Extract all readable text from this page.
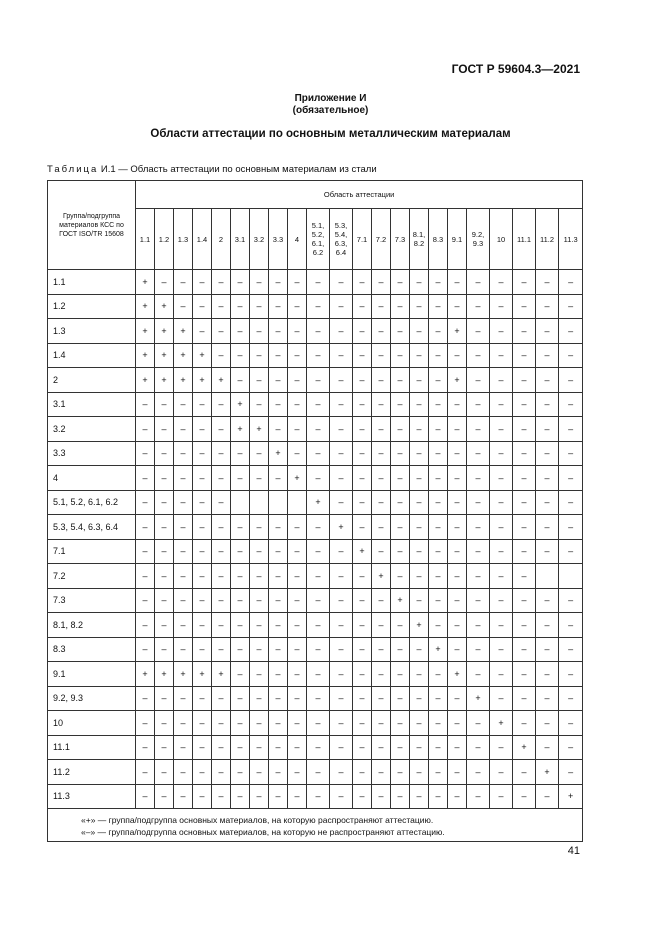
ГОСТ Р 59604.3—2021
Приложение И
(обязательное)
Области аттестации по основным металлическим материалам
Таблица И.1 — Область аттестации по основным материалам из стали
Группа/подгруппа материалов КСС по ГОСТ ISO/TR 15608	Область аттестации																					
	1.1	1.2	1.3	1.4	2	3.1	3.2	3.3	4	5.1, 5.2, 6.1, 6.2	5.3, 5.4, 6.3, 6.4	7.1	7.2	7.3	8.1, 8.2	8.3	9.1	9.2, 9.3	10	11.1	11.2	11.3
1.1	+	–	–	–	–	–	–	–	–	–	–	–	–	–	–	–	–	–	–	–	–	–
1.2	+	+	–	–	–	–	–	–	–	–	–	–	–	–	–	–	–	–	–	–	–	–
1.3	+	+	+	–	–	–	–	–	–	–	–	–	–	–	–	–	+	–	–	–	–	–
1.4	+	+	+	+	–	–	–	–	–	–	–	–	–	–	–	–	–	–	–	–	–	–
2	+	+	+	+	+	–	–	–	–	–	–	–	–	–	–	–	+	–	–	–	–	–
3.1	–	–	–	–	–	+	–	–	–	–	–	–	–	–	–	–	–	–	–	–	–	–
3.2	–	–	–	–	–	+	+	–	–	–	–	–	–	–	–	–	–	–	–	–	–	–
3.3	–	–	–	–	–	–	–	+	–	–	–	–	–	–	–	–	–	–	–	–	–	–
4	–	–	–	–	–	–	–	–	+	–	–	–	–	–	–	–	–	–	–	–	–	–
5.1, 5.2, 6.1, 6.2	–	–	–	–	–					+	–	–	–	–	–	–	–	–	–	–	–	–
5.3, 5.4, 6.3, 6.4	–	–	–	–	–	–	–	–	–	–	+	–	–	–	–	–	–	–	–	–	–	–
7.1	–	–	–	–	–	–	–	–	–	–	–	+	–	–	–	–	–	–	–	–	–	–
7.2	–	–	–	–	–	–	–	–	–	–	–	–	+	–	–	–	–	–	–	–		
7.3	–	–	–	–	–	–	–	–	–	–	–	–	–	+	–	–	–	–	–	–	–	–
8.1, 8.2	–	–	–	–	–	–	–	–	–	–	–	–	–	–	+	–	–	–	–	–	–	–
8.3	–	–	–	–	–	–	–	–	–	–	–	–	–	–	–	+	–	–	–	–	–	–
9.1	+	+	+	+	+	–	–	–	–	–	–	–	–	–	–	–	+	–	–	–	–	–
9.2, 9.3	–	–	–	–	–	–	–	–	–	–	–	–	–	–	–	–	–	+	–	–	–	–
10	–	–	–	–	–	–	–	–	–	–	–	–	–	–	–	–	–	–	+	–	–	–
11.1	–	–	–	–	–	–	–	–	–	–	–	–	–	–	–	–	–	–	–	+	–	–
11.2	–	–	–	–	–	–	–	–	–	–	–	–	–	–	–	–	–	–	–	–	+	–
11.3	–	–	–	–	–	–	–	–	–	–	–	–	–	–	–	–	–	–	–	–	–	+

«+» — группа/подгруппа основных материалов, на которую распространяют аттестацию.
«–» — группа/подгруппа основных материалов, на которую не распространяют аттестацию.																						
41
